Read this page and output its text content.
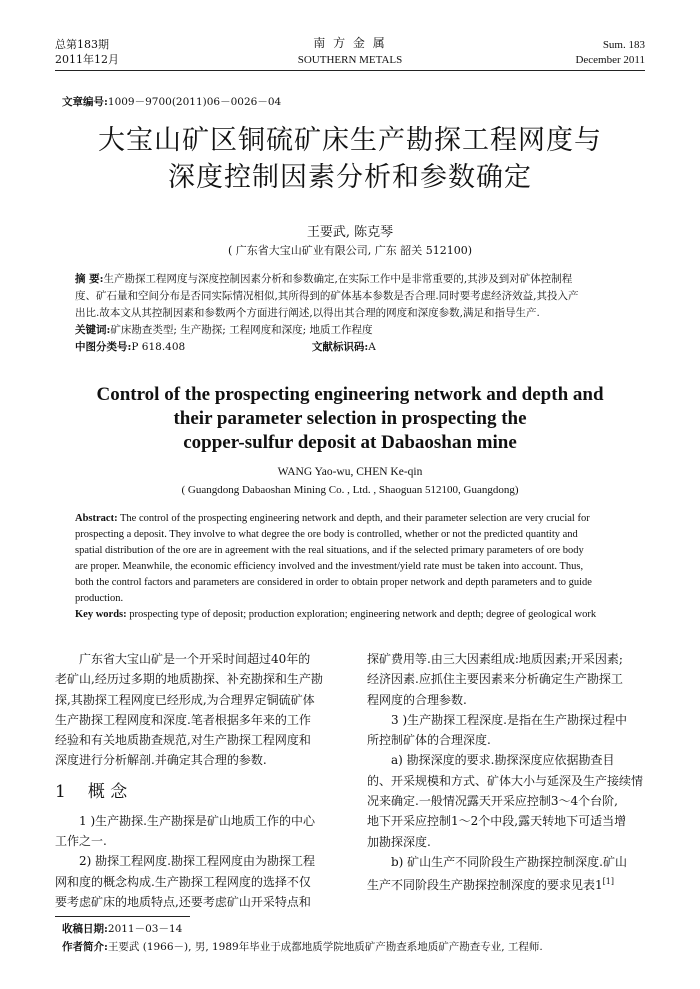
总第183期
2011年12月
南 方 金 属
SOUTHERN METALS
Sum. 183
December 2011
文章编号:1009－9700(2011)06－0026－04
大宝山矿区铜硫矿床生产勘探工程网度与
深度控制因素分析和参数确定
王要武, 陈克琴
( 广东省大宝山矿业有限公司, 广东 韶关 512100)
摘 要:生产勘探工程网度与深度控制因素分析和参数确定,在实际工作中是非常重要的,其涉及到对矿体控制程
度、矿石量和空间分布是否同实际情况相似,其所得到的矿体基本参数是否合理.同时要考虑经济效益,其投入产
出比.故本文从其控制因素和参数两个方面进行阐述,以得出其合理的网度和深度参数,满足和指导生产.
关键词:矿床勘查类型; 生产勘探; 工程网度和深度; 地质工作程度
中图分类号:P 618.408	文献标识码:A
Control of the prospecting engineering network and depth and
their parameter selection in prospecting the
copper-sulfur deposit at Dabaoshan mine
WANG Yao-wu, CHEN Ke-qin
( Guangdong Dabaoshan Mining Co. , Ltd. , Shaoguan 512100, Guangdong)
Abstract: The control of the prospecting engineering network and depth, and their parameter selection are very crucial for
prospecting a deposit. They involve to what degree the ore body is controlled, whether or not the predicted quantity and
spatial distribution of the ore are in agreement with the real situations, and if the selected primary parameters of ore body
are proper. Meanwhile, the economic efficiency involved and the investment/yield rate must be taken into account. Thus,
both the control factors and parameters are considered in order to obtain proper network and depth parameters and to guide
production.
Key words: prospecting type of deposit; production exploration; engineering network and depth; degree of geological work

广东省大宝山矿是一个开采时间超过40年的

老矿山,经历过多期的地质勘探、补充勘探和生产勘

探,其勘探工程网度已经形成,为合理界定铜硫矿体

生产勘探工程网度和深度.笔者根据多年来的工作

经验和有关地质勘查规范,对生产勘探工程网度和

深度进行分析解剖.并确定其合理的参数.

1 概 念

1 )生产勘探.生产勘探是矿山地质工作的中心

工作之一.

2) 勘探工程网度.勘探工程网度由为勘探工程

网和度的概念构成.生产勘探工程网度的选择不仅

要考虑矿床的地质特点,还要考虑矿山开采特点和

探矿费用等.由三大因素组成:地质因素;开采因素;

经济因素.应抓住主要因素来分析确定生产勘探工

程网度的合理参数.

3 )生产勘探工程深度.是指在生产勘探过程中

所控制矿体的合理深度.

a) 勘探深度的要求.勘探深度应依据勘查目

的、开采规模和方式、矿体大小与延深及生产接续情

况来确定.一般情况露天开采应控制3～4个台阶,

地下开采应控制1～2个中段,露天转地下可适当增

加勘探深度.

b) 矿山生产不同阶段生产勘探控制深度.矿山

生产不同阶段生产勘探控制深度的要求见表1[1]

收稿日期:2011－03－14
作者简介:王要武 (1966－), 男, 1989年毕业于成都地质学院地质矿产勘查系地质矿产勘查专业, 工程师.
